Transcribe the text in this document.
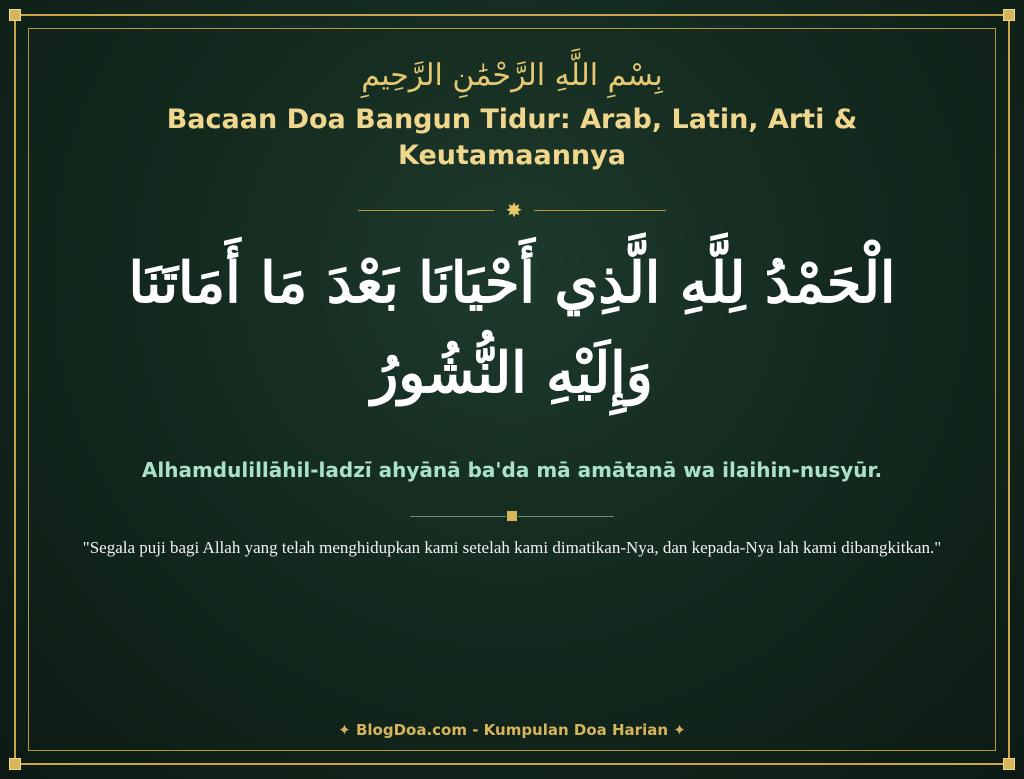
بِسْمِ اللَّهِ الرَّحْمَٰنِ الرَّحِيمِ
Bacaan Doa Bangun Tidur: Arab, Latin, Arti & Keutamaannya
✸
الْحَمْدُ لِلَّهِ الَّذِي أَحْيَانَا بَعْدَ مَا أَمَاتَنَا وَإِلَيْهِ النُّشُورُ
Alhamdulillāhil-ladzī ahyānā ba'da mā amātanā wa ilaihin-nusyūr.
"Segala puji bagi Allah yang telah menghidupkan kami setelah kami dimatikan-Nya, dan kepada-Nya lah kami dibangkitkan."
✦ BlogDoa.com - Kumpulan Doa Harian ✦
